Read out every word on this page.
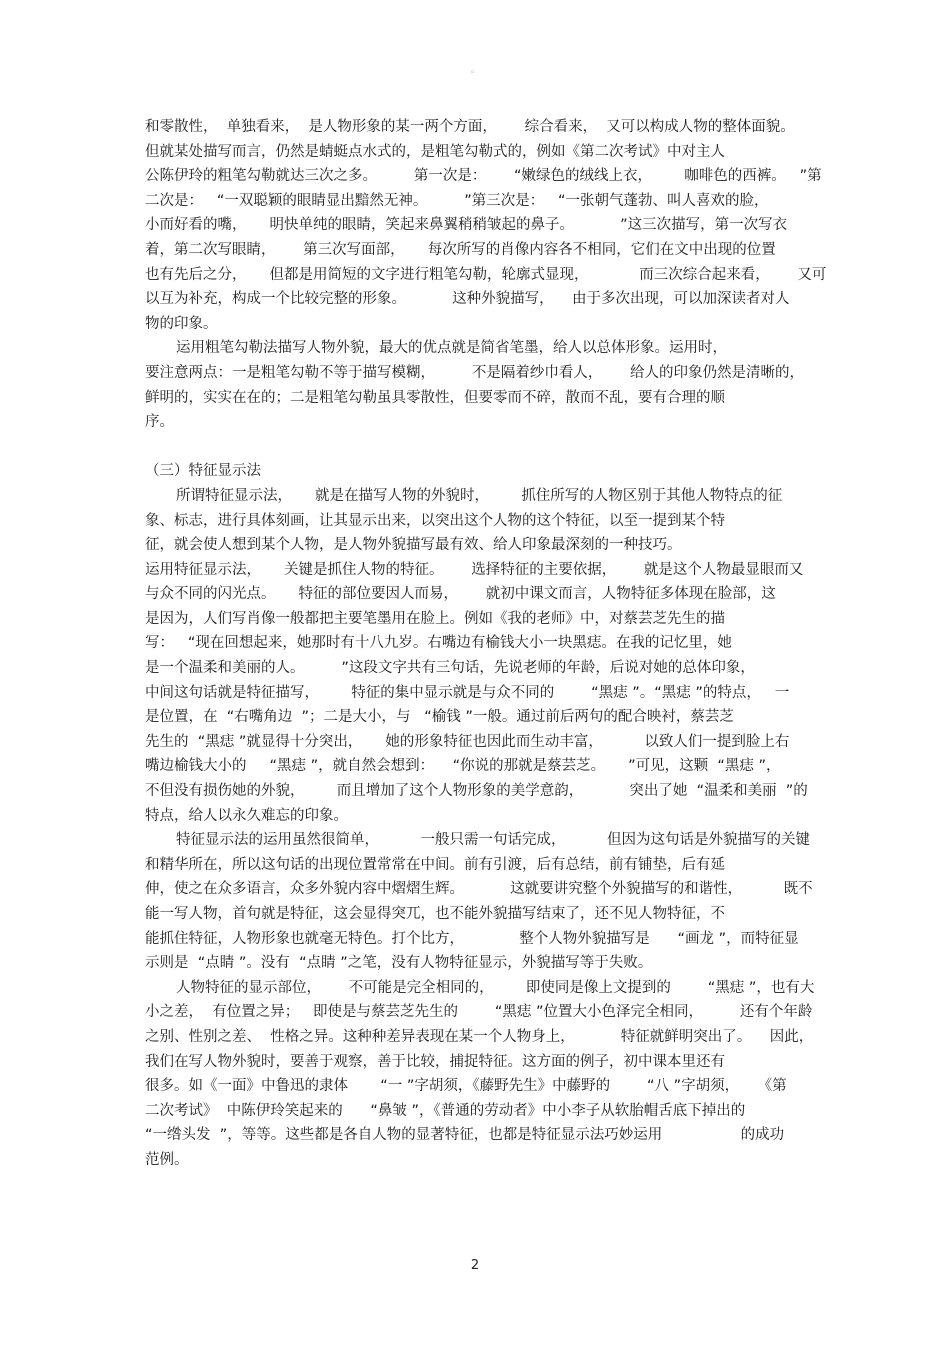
◦
和零散性，  单独看来，  是人物形象的某一两个方面，      综合看来，  又可以构成人物的整体面貌。
但就某处描写而言，仍然是蜻蜓点水式的，是粗笔勾勒式的，例如《第二次考试》中对主人
公陈伊玲的粗笔勾勒就达三次之多。        第一次是：      “嫩绿色的绒线上衣，       咖啡色的西裤。   ”第
二次是：   “一双聪颖的眼睛显出黯然无神。        ”第三次是：   “一张朝气蓬勃、叫人喜欢的脸，
小而好看的嘴，     明快单纯的眼睛，笑起来鼻翼稍稍皱起的鼻子。          ”这三次描写，第一次写衣
着，第二次写眼睛，      第三次写面部，     每次所写的肖像内容各不相同，它们在文中出现的位置
也有先后之分，     但都是用简短的文字进行粗笔勾勒，轮廓式显现，           而三次综合起来看，      又可
以互为补充，构成一个比较完整的形象。          这种外貌描写，    由于多次出现，可以加深读者对人
物的印象。
运用粗笔勾勒法描写人物外貌，最大的优点就是简省笔墨，给人以总体形象。运用时，
要注意两点：一是粗笔勾勒不等于描写模糊，        不是隔着纱巾看人，      给人的印象仍然是清晰的，
鲜明的，实实在在的；二是粗笔勾勒虽具零散性，但要零而不碎，散而不乱，要有合理的顺
序。
（三）特征显示法
所谓特征显示法，     就是在描写人物的外貌时，       抓住所写的人物区别于其他人物特点的征
象、标志，进行具体刻画，让其显示出来，以突出这个人物的这个特征，以至一提到某个特
征，就会使人想到某个人物，是人物外貌描写最有效、给人印象最深刻的一种技巧。
运用特征显示法，     关键是抓住人物的特征。      选择特征的主要依据，      就是这个人物最显眼而又
与众不同的闪光点。     特征的部位要因人而易，      就初中课文而言，人物特征多体现在脸部，这
是因为，人们写肖像一般都把主要笔墨用在脸上。例如《我的老师》中，对蔡芸芝先生的描
写：   “现在回想起来，她那时有十八九岁。右嘴边有榆钱大小一块黑痣。在我的记忆里，她
是一个温柔和美丽的人。        ”这段文字共有三句话，先说老师的年龄，后说对她的总体印象，
中间这句话就是特征描写，       特征的集中显示就是与众不同的        “黑痣 ”。“黑痣 ”的特点，   一
是位置，在  “右嘴角边  ”；二是大小，与   “榆钱 ”一般。通过前后两句的配合映衬，蔡芸芝
先生的  “黑痣 ”就显得十分突出，     她的形象特征也因此而生动丰富，         以致人们一提到脸上右
嘴边榆钱大小的     “黑痣 ”，就自然会想到：    “你说的那就是蔡芸芝。     ”可见，这颗  “黑痣 ”，
不但没有损伤她的外貌，       而且增加了这个人物形象的美学意韵，          突出了她  “温柔和美丽  ”的
特点，给人以永久难忘的印象。
特征显示法的运用虽然很简单，         一般只需一句话完成，         但因为这句话是外貌描写的关键
和精华所在，所以这句话的出现位置常常在中间。前有引渡，后有总结，前有铺垫，后有延
伸，使之在众多语言，众多外貌内容中熠熠生辉。          这就要讲究整个外貌描写的和谐性，         既不
能一写人物，首句就是特征，这会显得突兀，也不能外貌描写结束了，还不见人物特征，不
能抓住特征，人物形象也就毫无特色。打个比方，            整个人物外貌描写是      “画龙 ”，而特征显
示则是  “点睛 ”。没有  “点睛 ”之笔，没有人物特征显示，外貌描写等于失败。
人物特征的显示部位，      不可能是完全相同的，       即使同是像上文提到的        “黑痣 ”，也有大
小之差，  有位置之异；   即使是与蔡芸芝先生的        “黑痣 ”位置大小色泽完全相同，        还有个年龄
之别、性别之差、  性格之异。这种种差异表现在某一个人物身上，          特征就鲜明突出了。    因此，
我们在写人物外貌时，要善于观察，善于比较，捕捉特征。这方面的例子，初中课本里还有
很多。如《一面》中鲁迅的隶体       “一 ”字胡须，《藤野先生》中藤野的        “八 ”字胡须，    《第
二次考试》  中陈伊玲笑起来的      “鼻皱 ”，《普通的劳动者》中小李子从软胎帽舌底下掉出的
“一绺头发  ”，等等。这些都是各自人物的显著特征，也都是特征显示法巧妙运用                 的成功
范例。
2
